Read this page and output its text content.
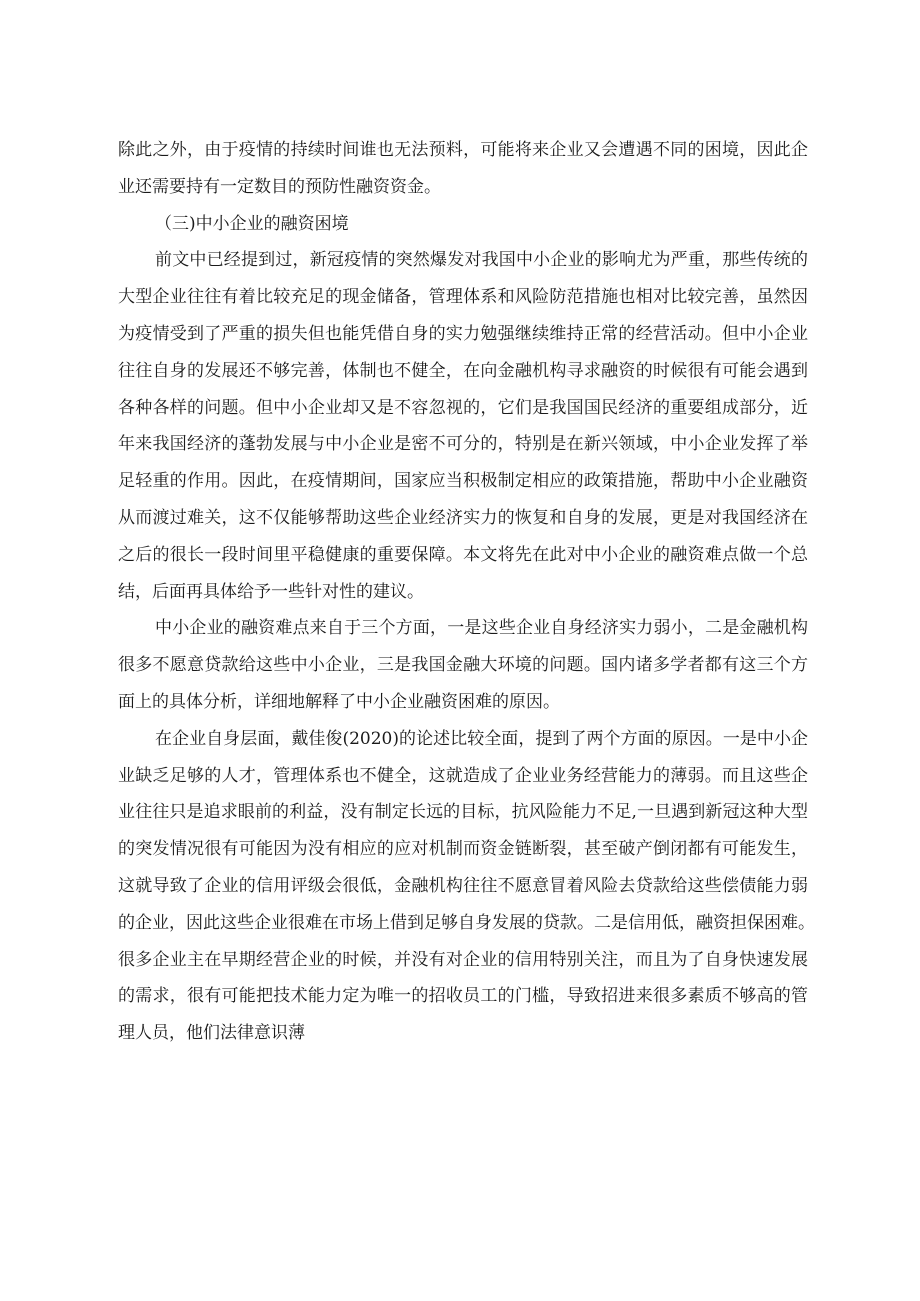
除此之外，由于疫情的持续时间谁也无法预料，可能将来企业又会遭遇不同的困境，因此企
业还需要持有一定数目的预防性融资资金。
（三)中小企业的融资困境
前文中已经提到过，新冠疫情的突然爆发对我国中小企业的影响尤为严重，那些传统的
大型企业往往有着比较充足的现金储备，管理体系和风险防范措施也相对比较完善，虽然因
为疫情受到了严重的损失但也能凭借自身的实力勉强继续维持正常的经营活动。但中小企业
往往自身的发展还不够完善，体制也不健全，在向金融机构寻求融资的时候很有可能会遇到
各种各样的问题。但中小企业却又是不容忽视的，它们是我国国民经济的重要组成部分，近
年来我国经济的蓬勃发展与中小企业是密不可分的，特别是在新兴领域，中小企业发挥了举
足轻重的作用。因此，在疫情期间，国家应当积极制定相应的政策措施，帮助中小企业融资
从而渡过难关，这不仅能够帮助这些企业经济实力的恢复和自身的发展，更是对我国经济在
之后的很长一段时间里平稳健康的重要保障。本文将先在此对中小企业的融资难点做一个总
结，后面再具体给予一些针对性的建议。
中小企业的融资难点来自于三个方面，一是这些企业自身经济实力弱小，二是金融机构
很多不愿意贷款给这些中小企业，三是我国金融大环境的问题。国内诸多学者都有这三个方
面上的具体分析，详细地解释了中小企业融资困难的原因。
在企业自身层面，戴佳俊(2020)的论述比较全面，提到了两个方面的原因。一是中小企
业缺乏足够的人才，管理体系也不健全，这就造成了企业业务经营能力的薄弱。而且这些企
业往往只是追求眼前的利益，没有制定长远的目标，抗风险能力不足,一旦遇到新冠这种大型
的突发情况很有可能因为没有相应的应对机制而资金链断裂，甚至破产倒闭都有可能发生，
这就导致了企业的信用评级会很低，金融机构往往不愿意冒着风险去贷款给这些偿债能力弱
的企业，因此这些企业很难在市场上借到足够自身发展的贷款。二是信用低，融资担保困难。
很多企业主在早期经营企业的时候，并没有对企业的信用特别关注，而且为了自身快速发展
的需求，很有可能把技术能力定为唯一的招收员工的门槛，导致招进来很多素质不够高的管
理人员，他们法律意识薄
